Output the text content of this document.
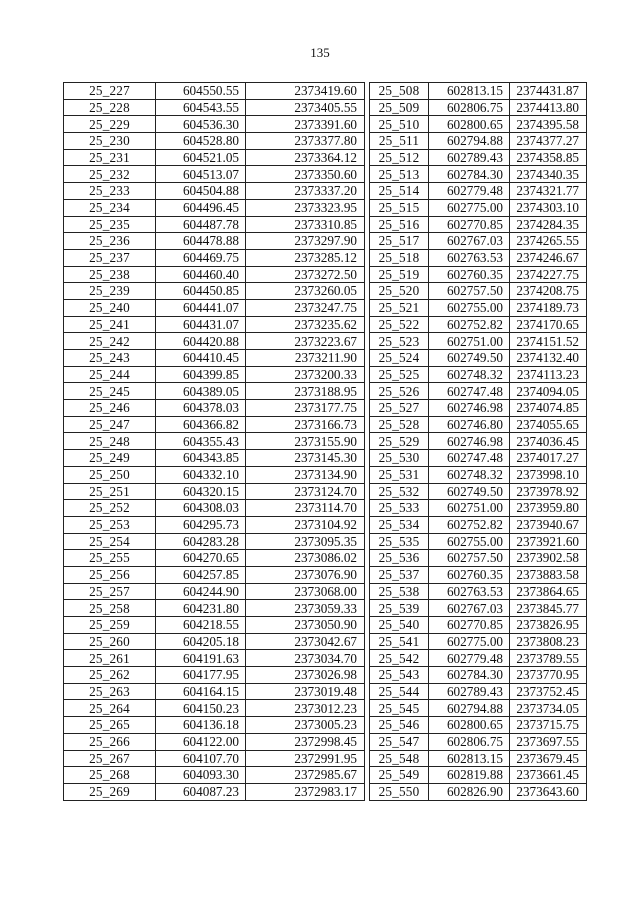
135
25_227	604550.55	2373419.60		25_508	602813.15	2374431.87
25_228	604543.55	2373405.55		25_509	602806.75	2374413.80
25_229	604536.30	2373391.60		25_510	602800.65	2374395.58
25_230	604528.80	2373377.80		25_511	602794.88	2374377.27
25_231	604521.05	2373364.12		25_512	602789.43	2374358.85
25_232	604513.07	2373350.60		25_513	602784.30	2374340.35
25_233	604504.88	2373337.20		25_514	602779.48	2374321.77
25_234	604496.45	2373323.95		25_515	602775.00	2374303.10
25_235	604487.78	2373310.85		25_516	602770.85	2374284.35
25_236	604478.88	2373297.90		25_517	602767.03	2374265.55
25_237	604469.75	2373285.12		25_518	602763.53	2374246.67
25_238	604460.40	2373272.50		25_519	602760.35	2374227.75
25_239	604450.85	2373260.05		25_520	602757.50	2374208.75
25_240	604441.07	2373247.75		25_521	602755.00	2374189.73
25_241	604431.07	2373235.62		25_522	602752.82	2374170.65
25_242	604420.88	2373223.67		25_523	602751.00	2374151.52
25_243	604410.45	2373211.90		25_524	602749.50	2374132.40
25_244	604399.85	2373200.33		25_525	602748.32	2374113.23
25_245	604389.05	2373188.95		25_526	602747.48	2374094.05
25_246	604378.03	2373177.75		25_527	602746.98	2374074.85
25_247	604366.82	2373166.73		25_528	602746.80	2374055.65
25_248	604355.43	2373155.90		25_529	602746.98	2374036.45
25_249	604343.85	2373145.30		25_530	602747.48	2374017.27
25_250	604332.10	2373134.90		25_531	602748.32	2373998.10
25_251	604320.15	2373124.70		25_532	602749.50	2373978.92
25_252	604308.03	2373114.70		25_533	602751.00	2373959.80
25_253	604295.73	2373104.92		25_534	602752.82	2373940.67
25_254	604283.28	2373095.35		25_535	602755.00	2373921.60
25_255	604270.65	2373086.02		25_536	602757.50	2373902.58
25_256	604257.85	2373076.90		25_537	602760.35	2373883.58
25_257	604244.90	2373068.00		25_538	602763.53	2373864.65
25_258	604231.80	2373059.33		25_539	602767.03	2373845.77
25_259	604218.55	2373050.90		25_540	602770.85	2373826.95
25_260	604205.18	2373042.67		25_541	602775.00	2373808.23
25_261	604191.63	2373034.70		25_542	602779.48	2373789.55
25_262	604177.95	2373026.98		25_543	602784.30	2373770.95
25_263	604164.15	2373019.48		25_544	602789.43	2373752.45
25_264	604150.23	2373012.23		25_545	602794.88	2373734.05
25_265	604136.18	2373005.23		25_546	602800.65	2373715.75
25_266	604122.00	2372998.45		25_547	602806.75	2373697.55
25_267	604107.70	2372991.95		25_548	602813.15	2373679.45
25_268	604093.30	2372985.67		25_549	602819.88	2373661.45
25_269	604087.23	2372983.17		25_550	602826.90	2373643.60
